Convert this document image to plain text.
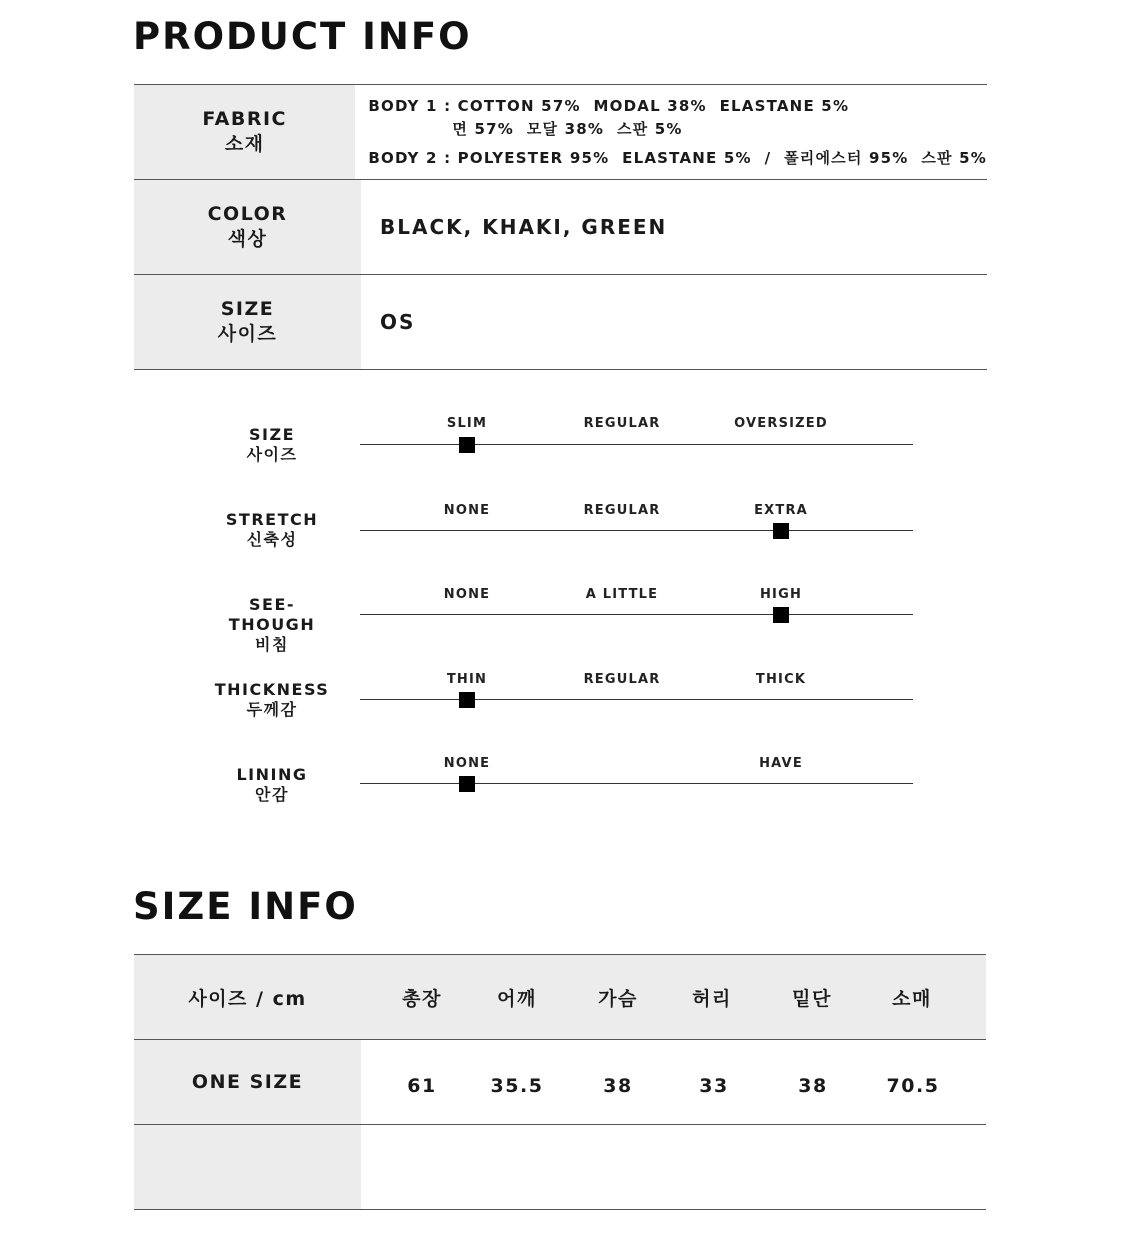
PRODUCT INFO
FABRIC
소재
BODY 1 : COTTON 57%  MODAL 38%  ELASTANE 5%
면 57%  모달 38%  스판 5%
BODY 2 : POLYESTER 95%  ELASTANE 5%  /  폴리에스터 95%  스판 5%
COLOR
색상	BLACK, KHAKI, GREEN
SIZE
사이즈	OS
SIZE
사이즈
SLIM	REGULAR	OVERSIZED
STRETCH
신축성
NONE	REGULAR	EXTRA
SEE-THOUGH
비침
NONE	A LITTLE	HIGH
THICKNESS
두께감
THIN	REGULAR	THICK
LINING
안감
NONE	HAVE
SIZE INFO
사이즈 / cm	총장	어깨	가슴	허리	밑단	소매
ONE SIZE	61	35.5	38	33	38	70.5
